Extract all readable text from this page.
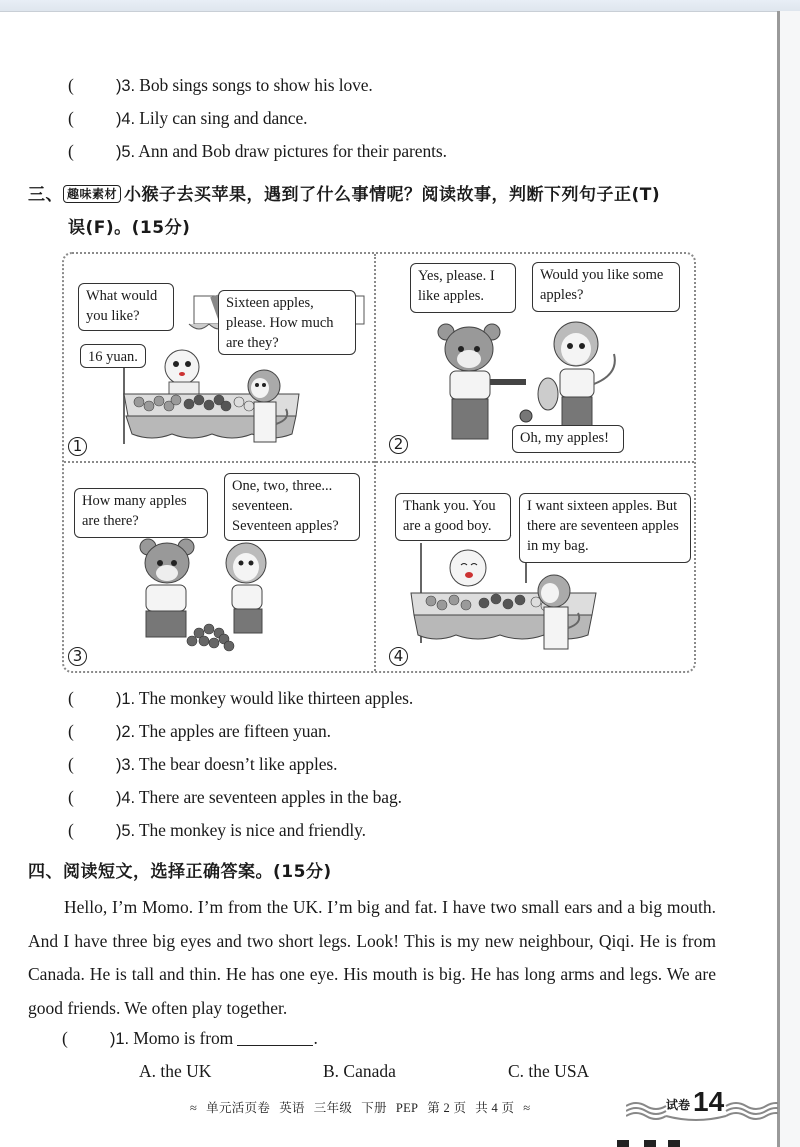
(	)3. Bob sings songs to show his love.
(	)4. Lily can sing and dance.
(	)5. Ann and Bob draw pictures for their parents.
三、 趣味素材 小猴子去买苹果，遇到了什么事情呢？阅读故事，判断下列句子正(T)
误(F)。(15分)
What would you like?
Sixteen apples, please. How much are they?
16 yuan.
1
Yes, please. I like apples.
Would you like some apples?
Oh, my apples!
2
How many apples are there?
One, two, three... seventeen. Seventeen apples?
3
Thank you. You are a good boy.
I want sixteen apples. But there are seventeen apples in my bag.
4
(	)1. The monkey would like thirteen apples.
(	)2. The apples are fifteen yuan.
(	)3. The bear doesn’t like apples.
(	)4. There are seventeen apples in the bag.
(	)5. The monkey is nice and friendly.
四、阅读短文，选择正确答案。(15分)
Hello, I’m Momo. I’m from the UK. I’m big and fat. I have two small ears and a big mouth. And I have three big eyes and two short legs. Look! This is my new neighbour, Qiqi. He is from Canada. He is tall and thin. He has one eye. His mouth is big. He has long arms and legs. We are good friends. We often play together.
(	)1. Momo is from	.
A. the UK	B. Canada	C. the USA
≈ 单元活页卷 英语 三年级 下册 PEP 第 2 页 共 4 页 ≈	试卷 14
